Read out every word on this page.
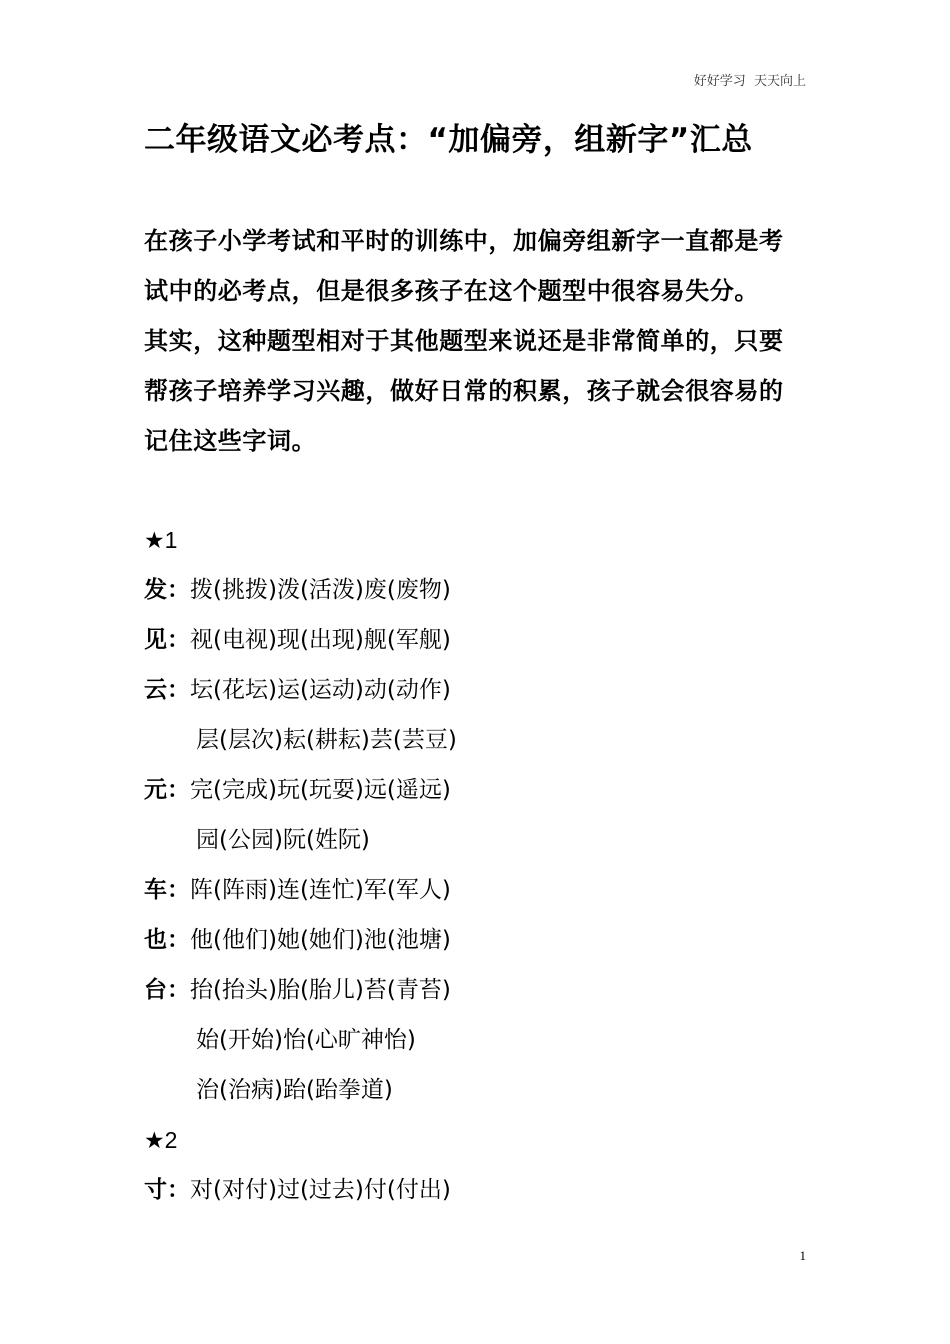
好好学习  天天向上
二年级语文必考点：“加偏旁，组新字”汇总

在孩子小学考试和平时的训练中，加偏旁组新字一直都是考试中的必考点，但是很多孩子在这个题型中很容易失分。

其实，这种题型相对于其他题型来说还是非常简单的，只要帮孩子培养学习兴趣，做好日常的积累，孩子就会很容易的记住这些字词。

★1
发：拨(挑拨)泼(活泼)废(废物)
见：视(电视)现(出现)舰(军舰)
云：坛(花坛)运(运动)动(动作)
层(层次)耘(耕耘)芸(芸豆)
元：完(完成)玩(玩耍)远(遥远)
园(公园)阮(姓阮)
车：阵(阵雨)连(连忙)军(军人)
也：他(他们)她(她们)池(池塘)
台：抬(抬头)胎(胎儿)苔(青苔)
始(开始)怡(心旷神怡)
治(治病)跆(跆拳道)
★2
寸：对(对付)过(过去)付(付出)
1
